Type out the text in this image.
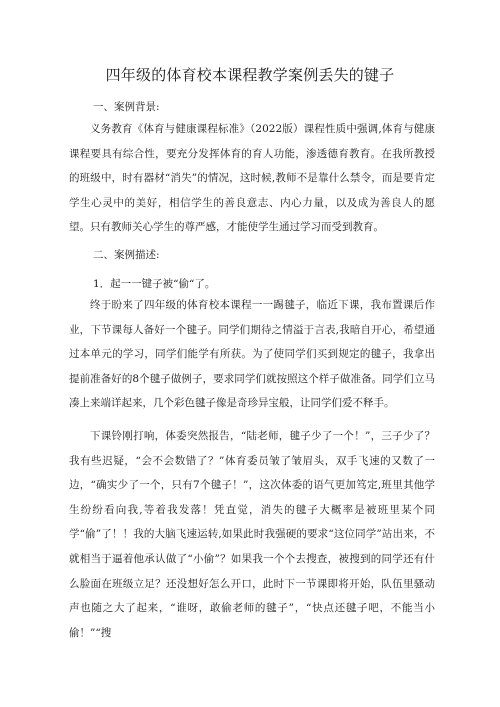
四年级的体育校本课程教学案例丢失的键子
一、案例背景:

义务教育《体育与健康课程标准》（2022版）课程性质中强调,体育与健康课程要具有综合性，要充分发挥体育的育人功能，渗透德育教育。在我所教授的班级中，时有器材“消失”的情况，这时候,教师不是靠什么禁令，而是要肯定学生心灵中的美好，相信学生的善良意志、内心力量，以及成为善良人的愿望。只有教师关心学生的尊严感，才能使学生通过学习而受到教育。

二、案例描述:
1．起一一键子被“偷“了。

终于盼来了四年级的体育校本课程一一踢毽子，临近下课，我布置课后作业，下节课每人备好一个毽子。同学们期待之情溢于言表,我暗自开心，希望通过本单元的学习，同学们能学有所获。为了使同学们买到规定的毽子，我拿出提前准备好的8个毽子做例子，要求同学们就按照这个样子做准备。同学们立马凑上来端详起来，几个彩色毽子像是奇珍异宝般，让同学们爱不释手。

下课铃刚打响，体委突然报告，“陆老师，毽子少了一个！”，三子少了？我有些迟疑，“会不会数错了？”体育委员皱了皱眉头，双手飞速的又数了一边，“确实少了一个，只有7个毽子！”，这次体委的语气更加笃定,班里其他学生纷纷看向我,等着我发落！凭直觉，消失的毽子大概率是被班里某个同学“偷”了！！我的大脑飞速运转,如果此时我强硬的要求“这位同学”站出来，不就相当于逼着他承认做了“小偷”？如果我一个个去搜查，被搜到的同学还有什么脸面在班级立足？还没想好怎么开口，此时下一节课即将开始，队伍里骚动声也随之大了起来，“谁呀，敢偷老师的毽子”，“快点还毽子吧，不能当小偷！”“搜
